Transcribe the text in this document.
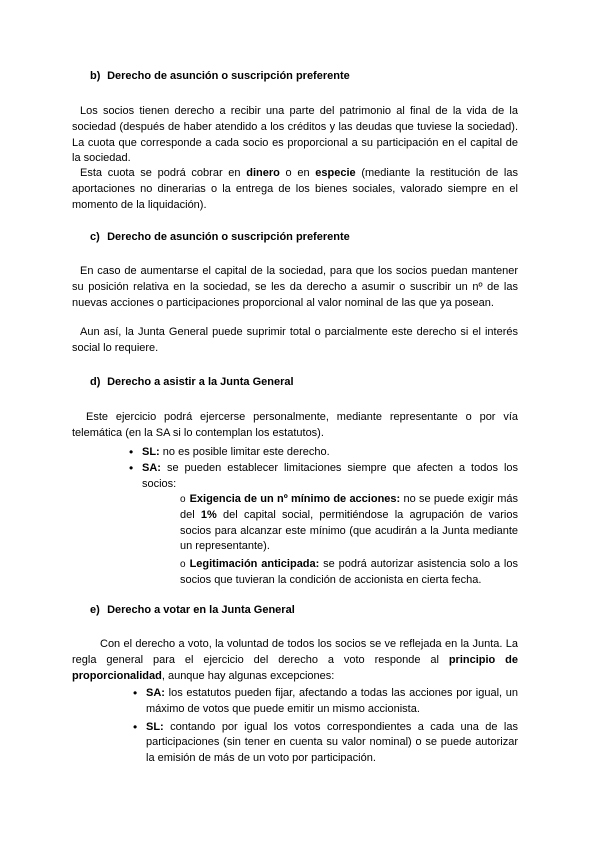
b) Derecho de asunción o suscripción preferente
Los socios tienen derecho a recibir una parte del patrimonio al final de la vida de la sociedad (después de haber atendido a los créditos y las deudas que tuviese la sociedad). La cuota que corresponde a cada socio es proporcional a su participación en el capital de la sociedad.
Esta cuota se podrá cobrar en dinero o en especie (mediante la restitución de las aportaciones no dinerarias o la entrega de los bienes sociales, valorado siempre en el momento de la liquidación).
c) Derecho de asunción o suscripción preferente
En caso de aumentarse el capital de la sociedad, para que los socios puedan mantener su posición relativa en la sociedad, se les da derecho a asumir o suscribir un nº de las nuevas acciones o participaciones proporcional al valor nominal de las que ya posean.
Aun así, la Junta General puede suprimir total o parcialmente este derecho si el interés social lo requiere.
d) Derecho a asistir a la Junta General
Este ejercicio podrá ejercerse personalmente, mediante representante o por vía telemática (en la SA si lo contemplan los estatutos).
• SL: no es posible limitar este derecho.
• SA: se pueden establecer limitaciones siempre que afecten a todos los socios:
o Exigencia de un nº mínimo de acciones: no se puede exigir más del 1% del capital social, permitiéndose la agrupación de varios socios para alcanzar este mínimo (que acudirán a la Junta mediante un representante).
o Legitimación anticipada: se podrá autorizar asistencia solo a los socios que tuvieran la condición de accionista en cierta fecha.
e) Derecho a votar en la Junta General
Con el derecho a voto, la voluntad de todos los socios se ve reflejada en la Junta. La regla general para el ejercicio del derecho a voto responde al principio de proporcionalidad, aunque hay algunas excepciones:
• SA: los estatutos pueden fijar, afectando a todas las acciones por igual, un máximo de votos que puede emitir un mismo accionista.
• SL: contando por igual los votos correspondientes a cada una de las participaciones (sin tener en cuenta su valor nominal) o se puede autorizar la emisión de más de un voto por participación.
